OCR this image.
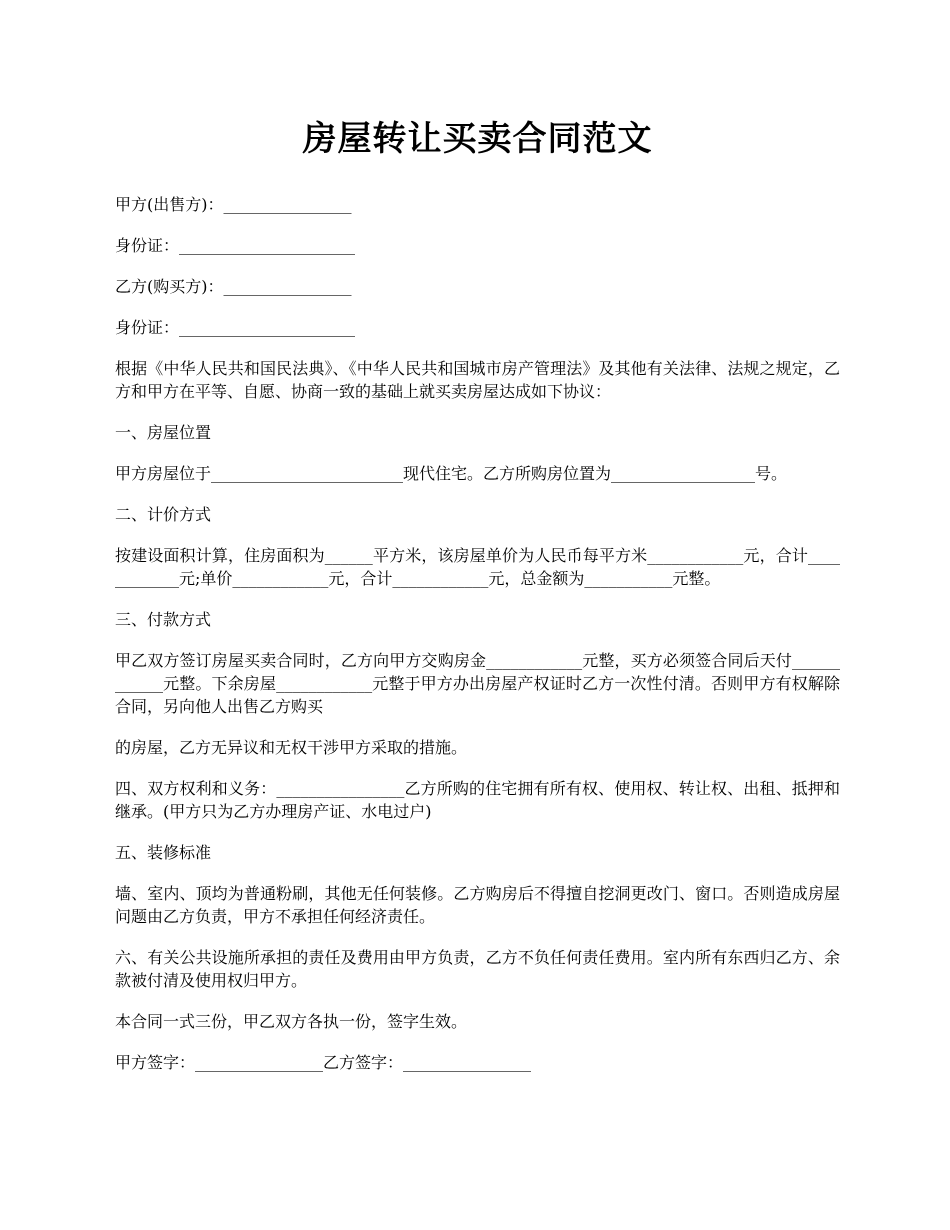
房屋转让买卖合同范文

甲方(出售方)：________________

身份证：______________________

乙方(购买方)：________________

身份证：______________________

根据《中华人民共和国民法典》、《中华人民共和国城市房产管理法》及其他有关法律、法规之规定，乙方和甲方在平等、自愿、协商一致的基础上就买卖房屋达成如下协议：

一、房屋位置

甲方房屋位于________________________现代住宅。乙方所购房位置为__________________号。

二、计价方式

按建设面积计算，住房面积为______平方米，该房屋单价为人民币每平方米____________元，合计____________元;单价____________元，合计____________元，总金额为___________元整。

三、付款方式

甲乙双方签订房屋买卖合同时，乙方向甲方交购房金____________元整，买方必须签合同后天付____________元整。下余房屋____________元整于甲方办出房屋产权证时乙方一次性付清。否则甲方有权解除合同，另向他人出售乙方购买

的房屋，乙方无异议和无权干涉甲方采取的措施。

四、双方权利和义务：________________乙方所购的住宅拥有所有权、使用权、转让权、出租、抵押和继承。(甲方只为乙方办理房产证、水电过户)

五、装修标准

墙、室内、顶均为普通粉刷，其他无任何装修。乙方购房后不得擅自挖洞更改门、窗口。否则造成房屋问题由乙方负责，甲方不承担任何经济责任。

六、有关公共设施所承担的责任及费用由甲方负责，乙方不负任何责任费用。室内所有东西归乙方、余款被付清及使用权归甲方。

本合同一式三份，甲乙双方各执一份，签字生效。

甲方签字：________________乙方签字：________________
